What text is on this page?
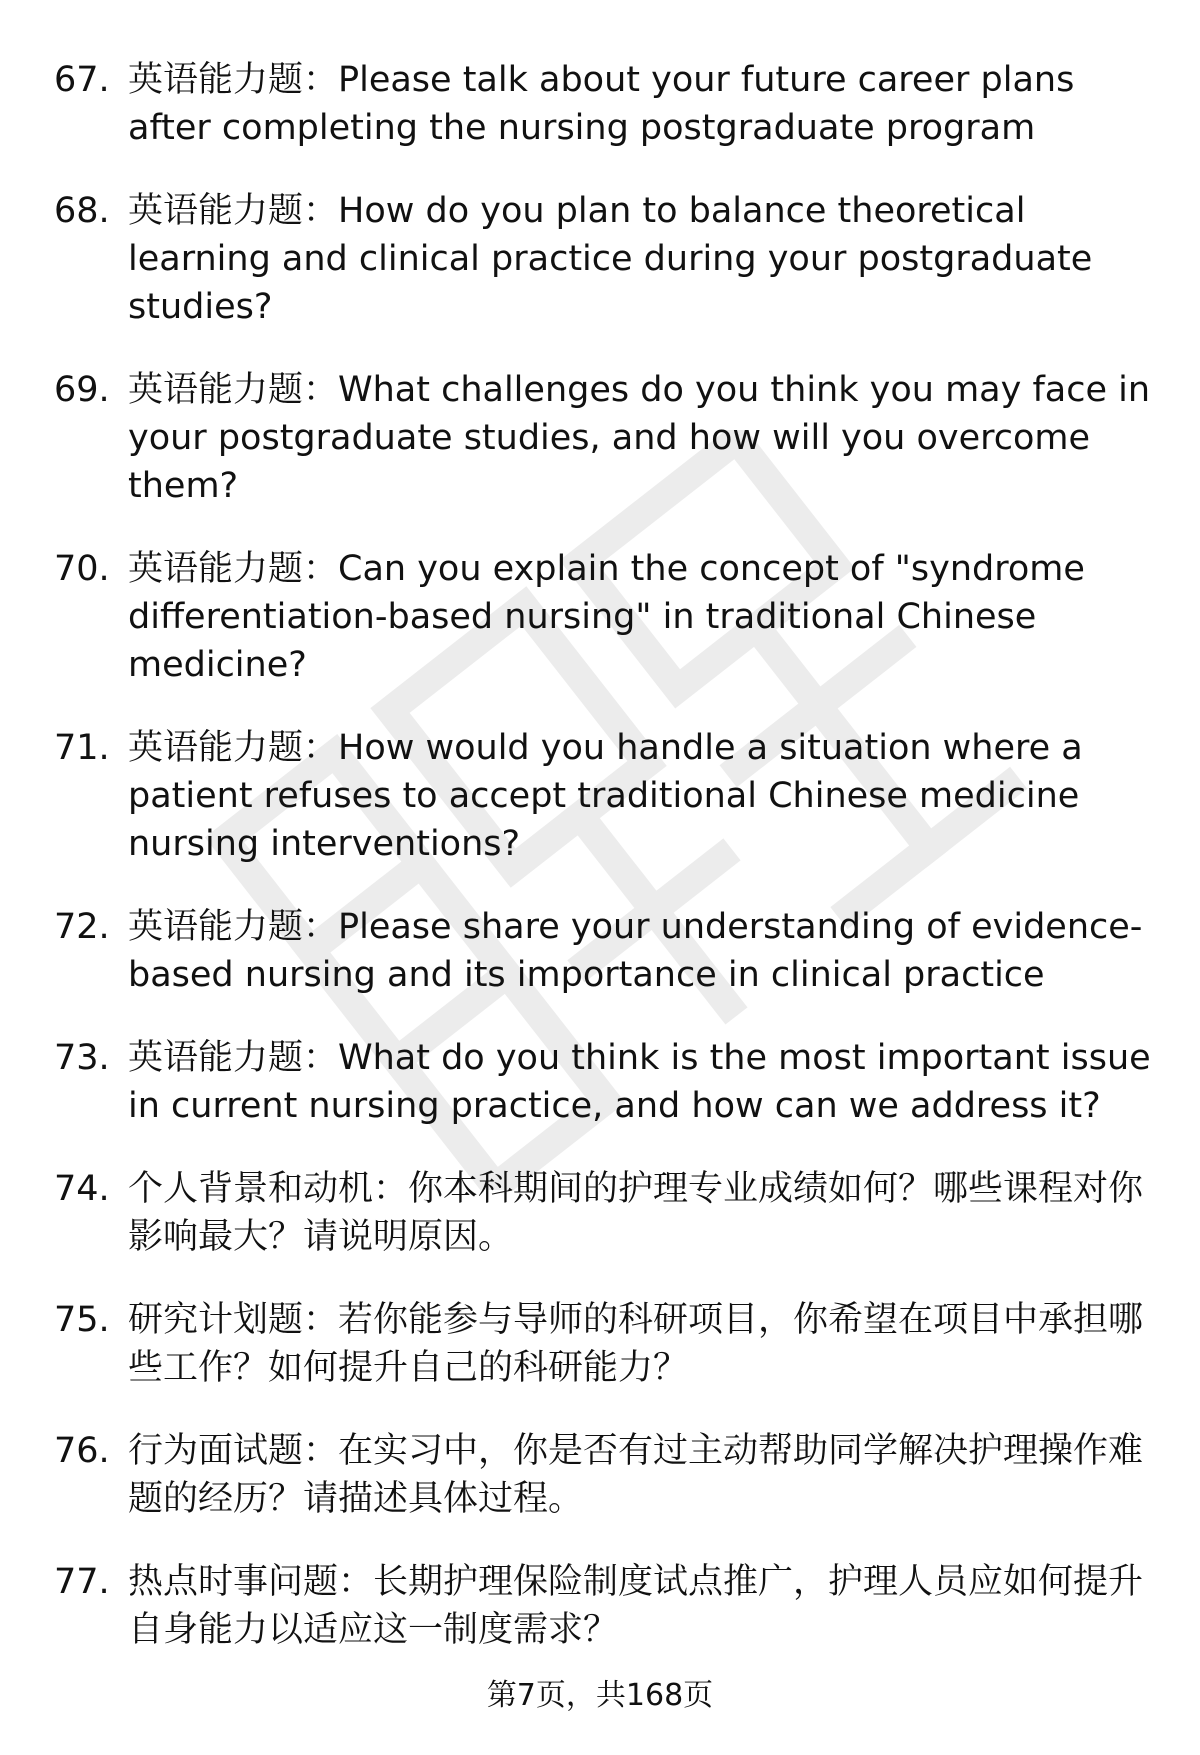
67. 英语能力题：Please talk about your future career plans after completing the nursing postgraduate program
68. 英语能力题：How do you plan to balance theoretical learning and clinical practice during your postgraduate studies?
69. 英语能力题：What challenges do you think you may face in your postgraduate studies, and how will you overcome them?
70. 英语能力题：Can you explain the concept of "syndrome differentiation-based nursing" in traditional Chinese medicine?
71. 英语能力题：How would you handle a situation where a patient refuses to accept traditional Chinese medicine nursing interventions?
72. 英语能力题：Please share your understanding of evidence-based nursing and its importance in clinical practice
73. 英语能力题：What do you think is the most important issue in current nursing practice, and how can we address it?
74. 个人背景和动机：你本科期间的护理专业成绩如何？哪些课程对你影响最大？请说明原因。
75. 研究计划题：若你能参与导师的科研项目，你希望在项目中承担哪些工作？如何提升自己的科研能力？
76. 行为面试题：在实习中，你是否有过主动帮助同学解决护理操作难题的经历？请描述具体过程。
77. 热点时事问题：长期护理保险制度试点推广，护理人员应如何提升自身能力以适应这一制度需求？
第7页，共168页
